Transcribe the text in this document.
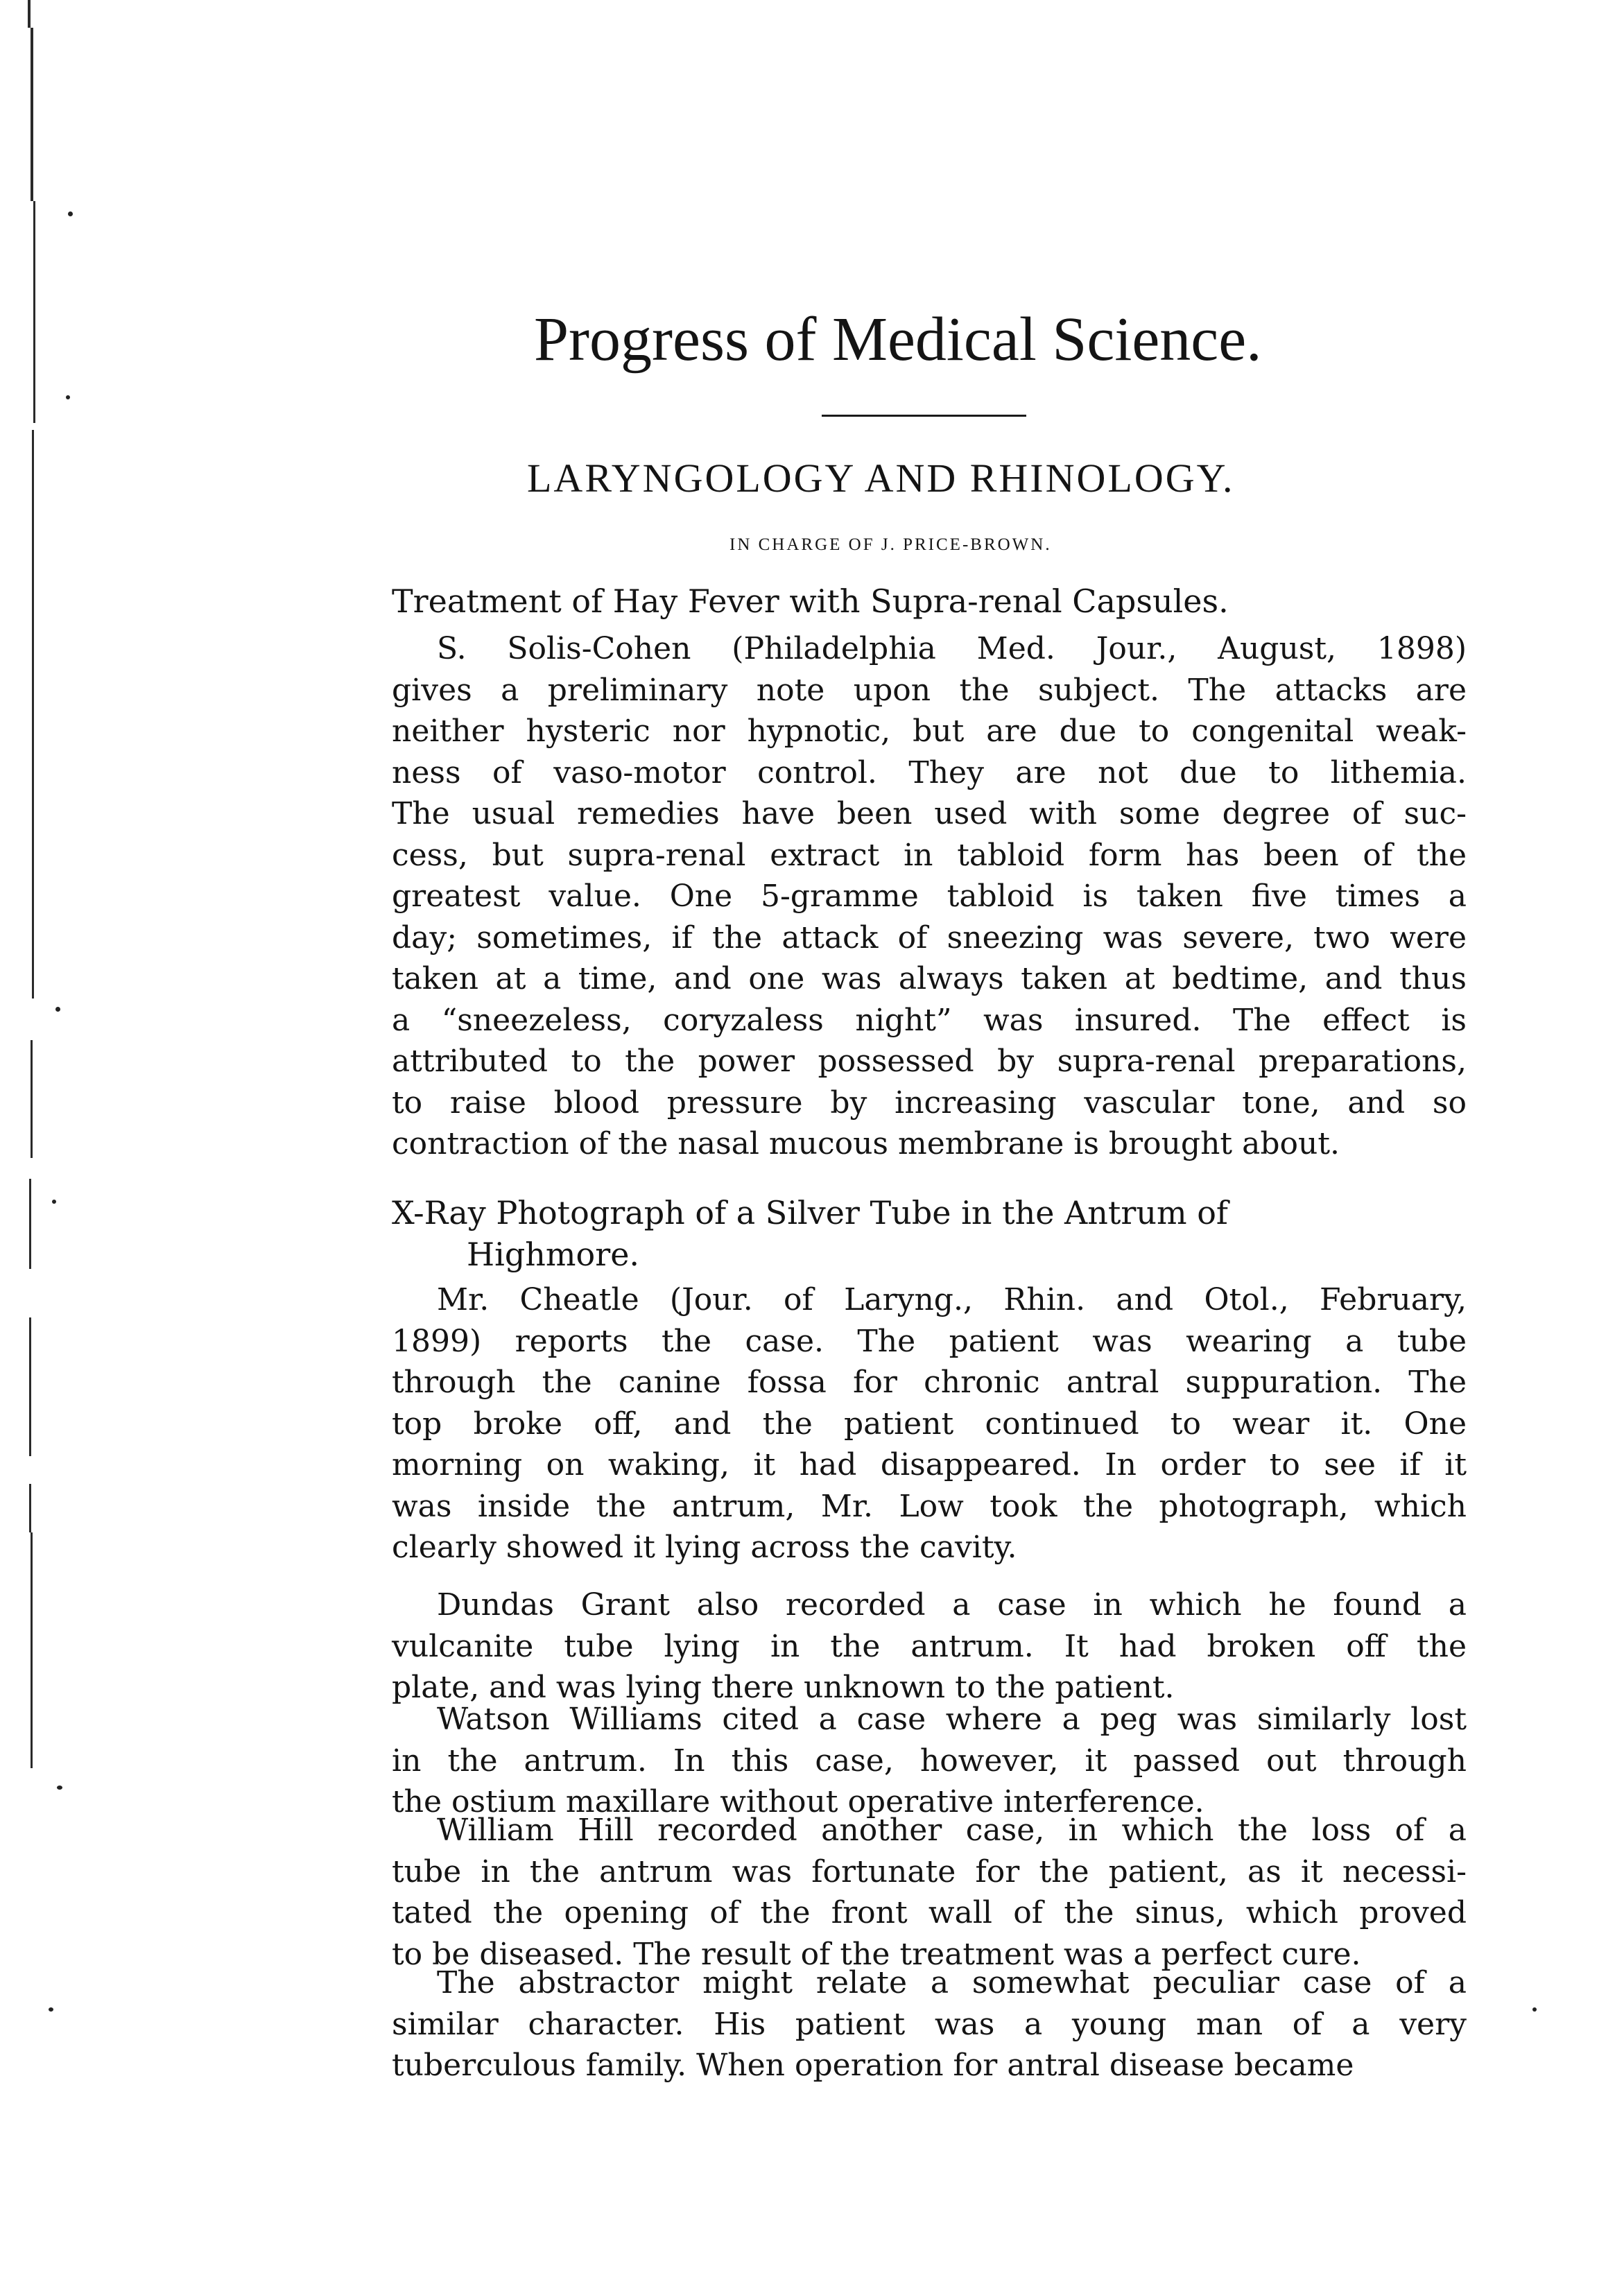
Progress of Medical Science.
LARYNGOLOGY AND RHINOLOGY.
IN CHARGE OF J. PRICE-BROWN.
Treatment of Hay Fever with Supra-renal Capsules.
S. Solis-Cohen (Philadelphia Med. Jour., August, 1898)
gives a preliminary note upon the subject. The attacks are
neither hysteric nor hypnotic, but are due to congenital weak-
ness of vaso-motor control. They are not due to lithemia.
The usual remedies have been used with some degree of suc-
cess, but supra-renal extract in tabloid form has been of the
greatest value. One 5-gramme tabloid is taken five times a
day; sometimes, if the attack of sneezing was severe, two were
taken at a time, and one was always taken at bedtime, and thus
a “sneezeless, coryzaless night” was insured. The effect is
attributed to the power possessed by supra-renal preparations,
to raise blood pressure by increasing vascular tone, and so
contraction of the nasal mucous membrane is brought about.
X-Ray Photograph of a Silver Tube in the Antrum of
Highmore.
Mr. Cheatle (Jour. of Laryng., Rhin. and Otol., February,
1899) reports the case. The patient was wearing a tube
through the canine fossa for chronic antral suppuration. The
top broke off, and the patient continued to wear it. One
morning on waking, it had disappeared. In order to see if it
was inside the antrum, Mr. Low took the photograph, which
clearly showed it lying across the cavity.
Dundas Grant also recorded a case in which he found a
vulcanite tube lying in the antrum. It had broken off the
plate, and was lying there unknown to the patient.
Watson Williams cited a case where a peg was similarly lost
in the antrum. In this case, however, it passed out through
the ostium maxillare without operative interference.
William Hill recorded another case, in which the loss of a
tube in the antrum was fortunate for the patient, as it necessi-
tated the opening of the front wall of the sinus, which proved
to be diseased. The result of the treatment was a perfect cure.
The abstractor might relate a somewhat peculiar case of a
similar character. His patient was a young man of a very
tuberculous family. When operation for antral disease became
